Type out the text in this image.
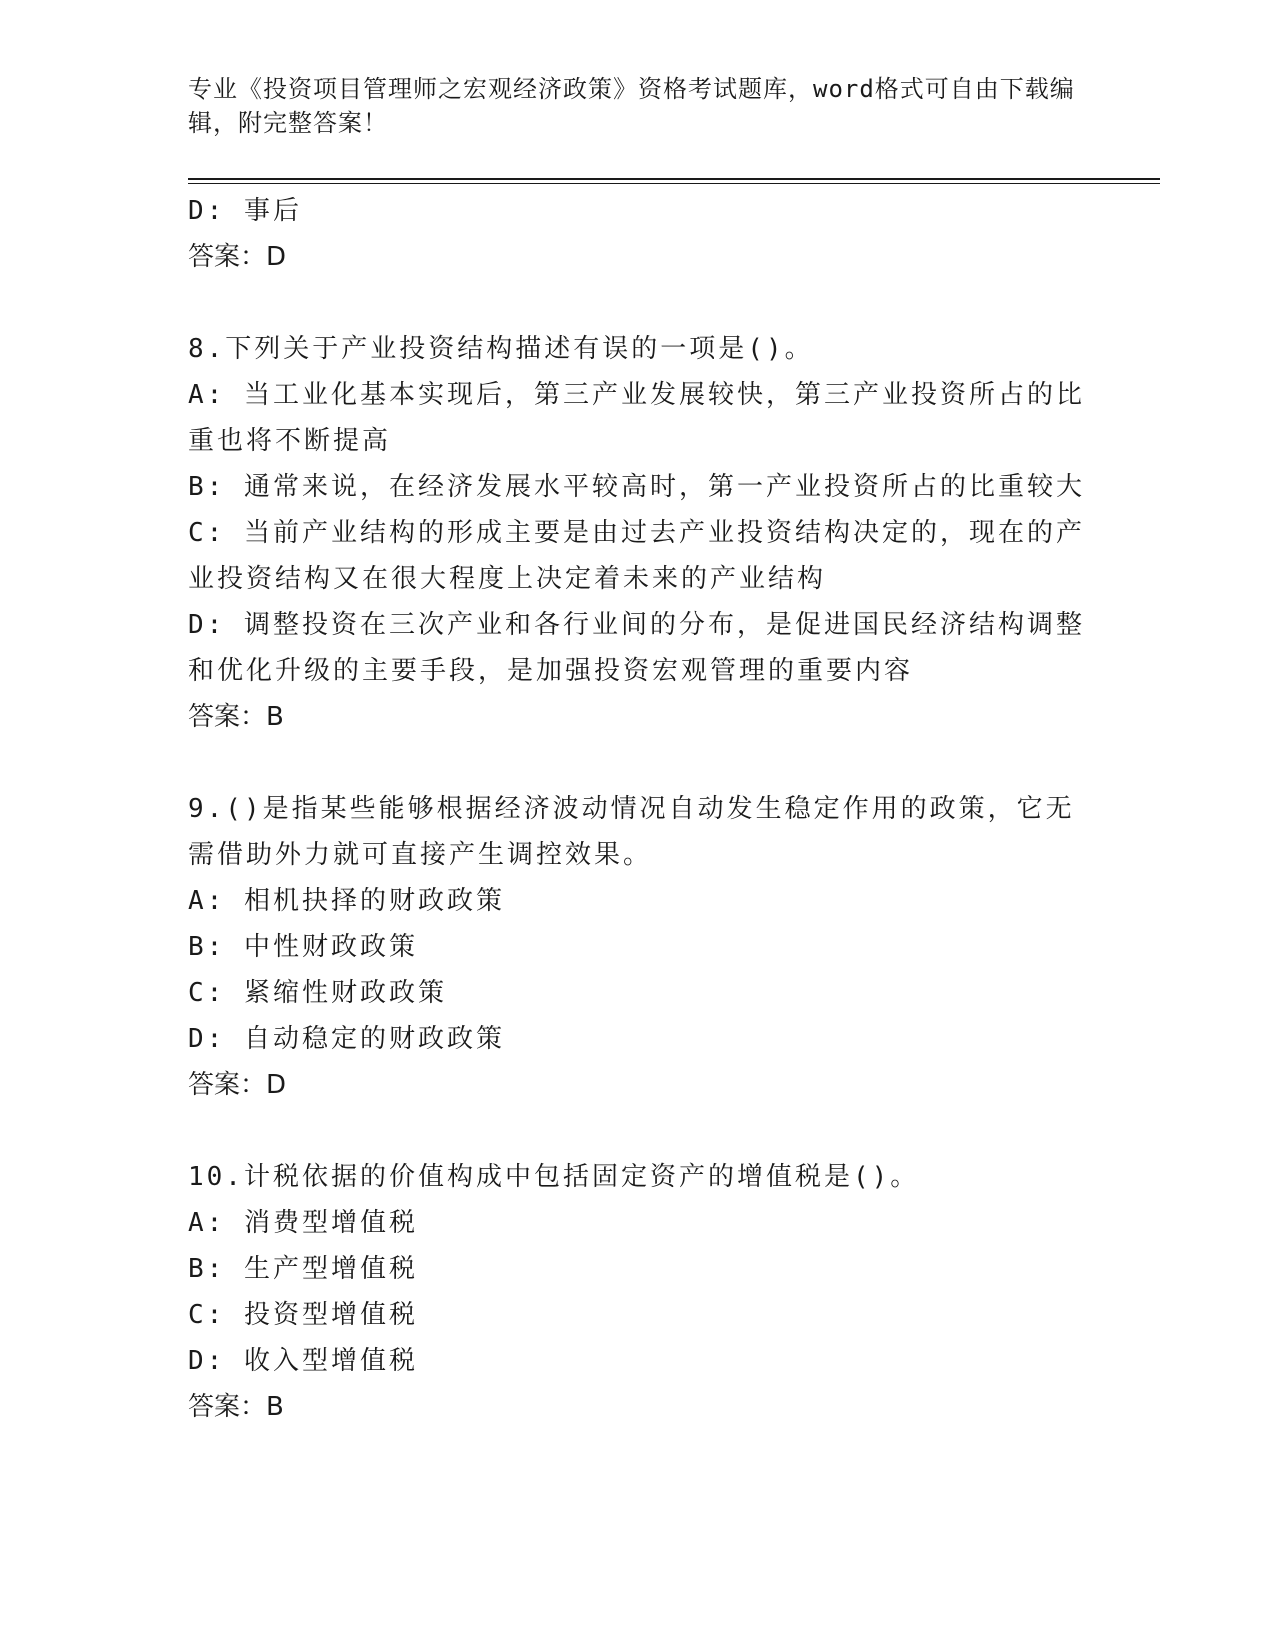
专业《投资项目管理师之宏观经济政策》资格考试题库，word格式可自由下载编辑，附完整答案！

D: 事后

答案：D

8.下列关于产业投资结构描述有误的一项是()。

A: 当工业化基本实现后，第三产业发展较快，第三产业投资所占的比重也将不断提高

B: 通常来说，在经济发展水平较高时，第一产业投资所占的比重较大

C: 当前产业结构的形成主要是由过去产业投资结构决定的，现在的产业投资结构又在很大程度上决定着未来的产业结构

D: 调整投资在三次产业和各行业间的分布，是促进国民经济结构调整和优化升级的主要手段，是加强投资宏观管理的重要内容

答案：B

9.()是指某些能够根据经济波动情况自动发生稳定作用的政策，它无需借助外力就可直接产生调控效果。

A: 相机抉择的财政政策

B: 中性财政政策

C: 紧缩性财政政策

D: 自动稳定的财政政策

答案：D

10.计税依据的价值构成中包括固定资产的增值税是()。

A: 消费型增值税

B: 生产型增值税

C: 投资型增值税

D: 收入型增值税

答案：B
